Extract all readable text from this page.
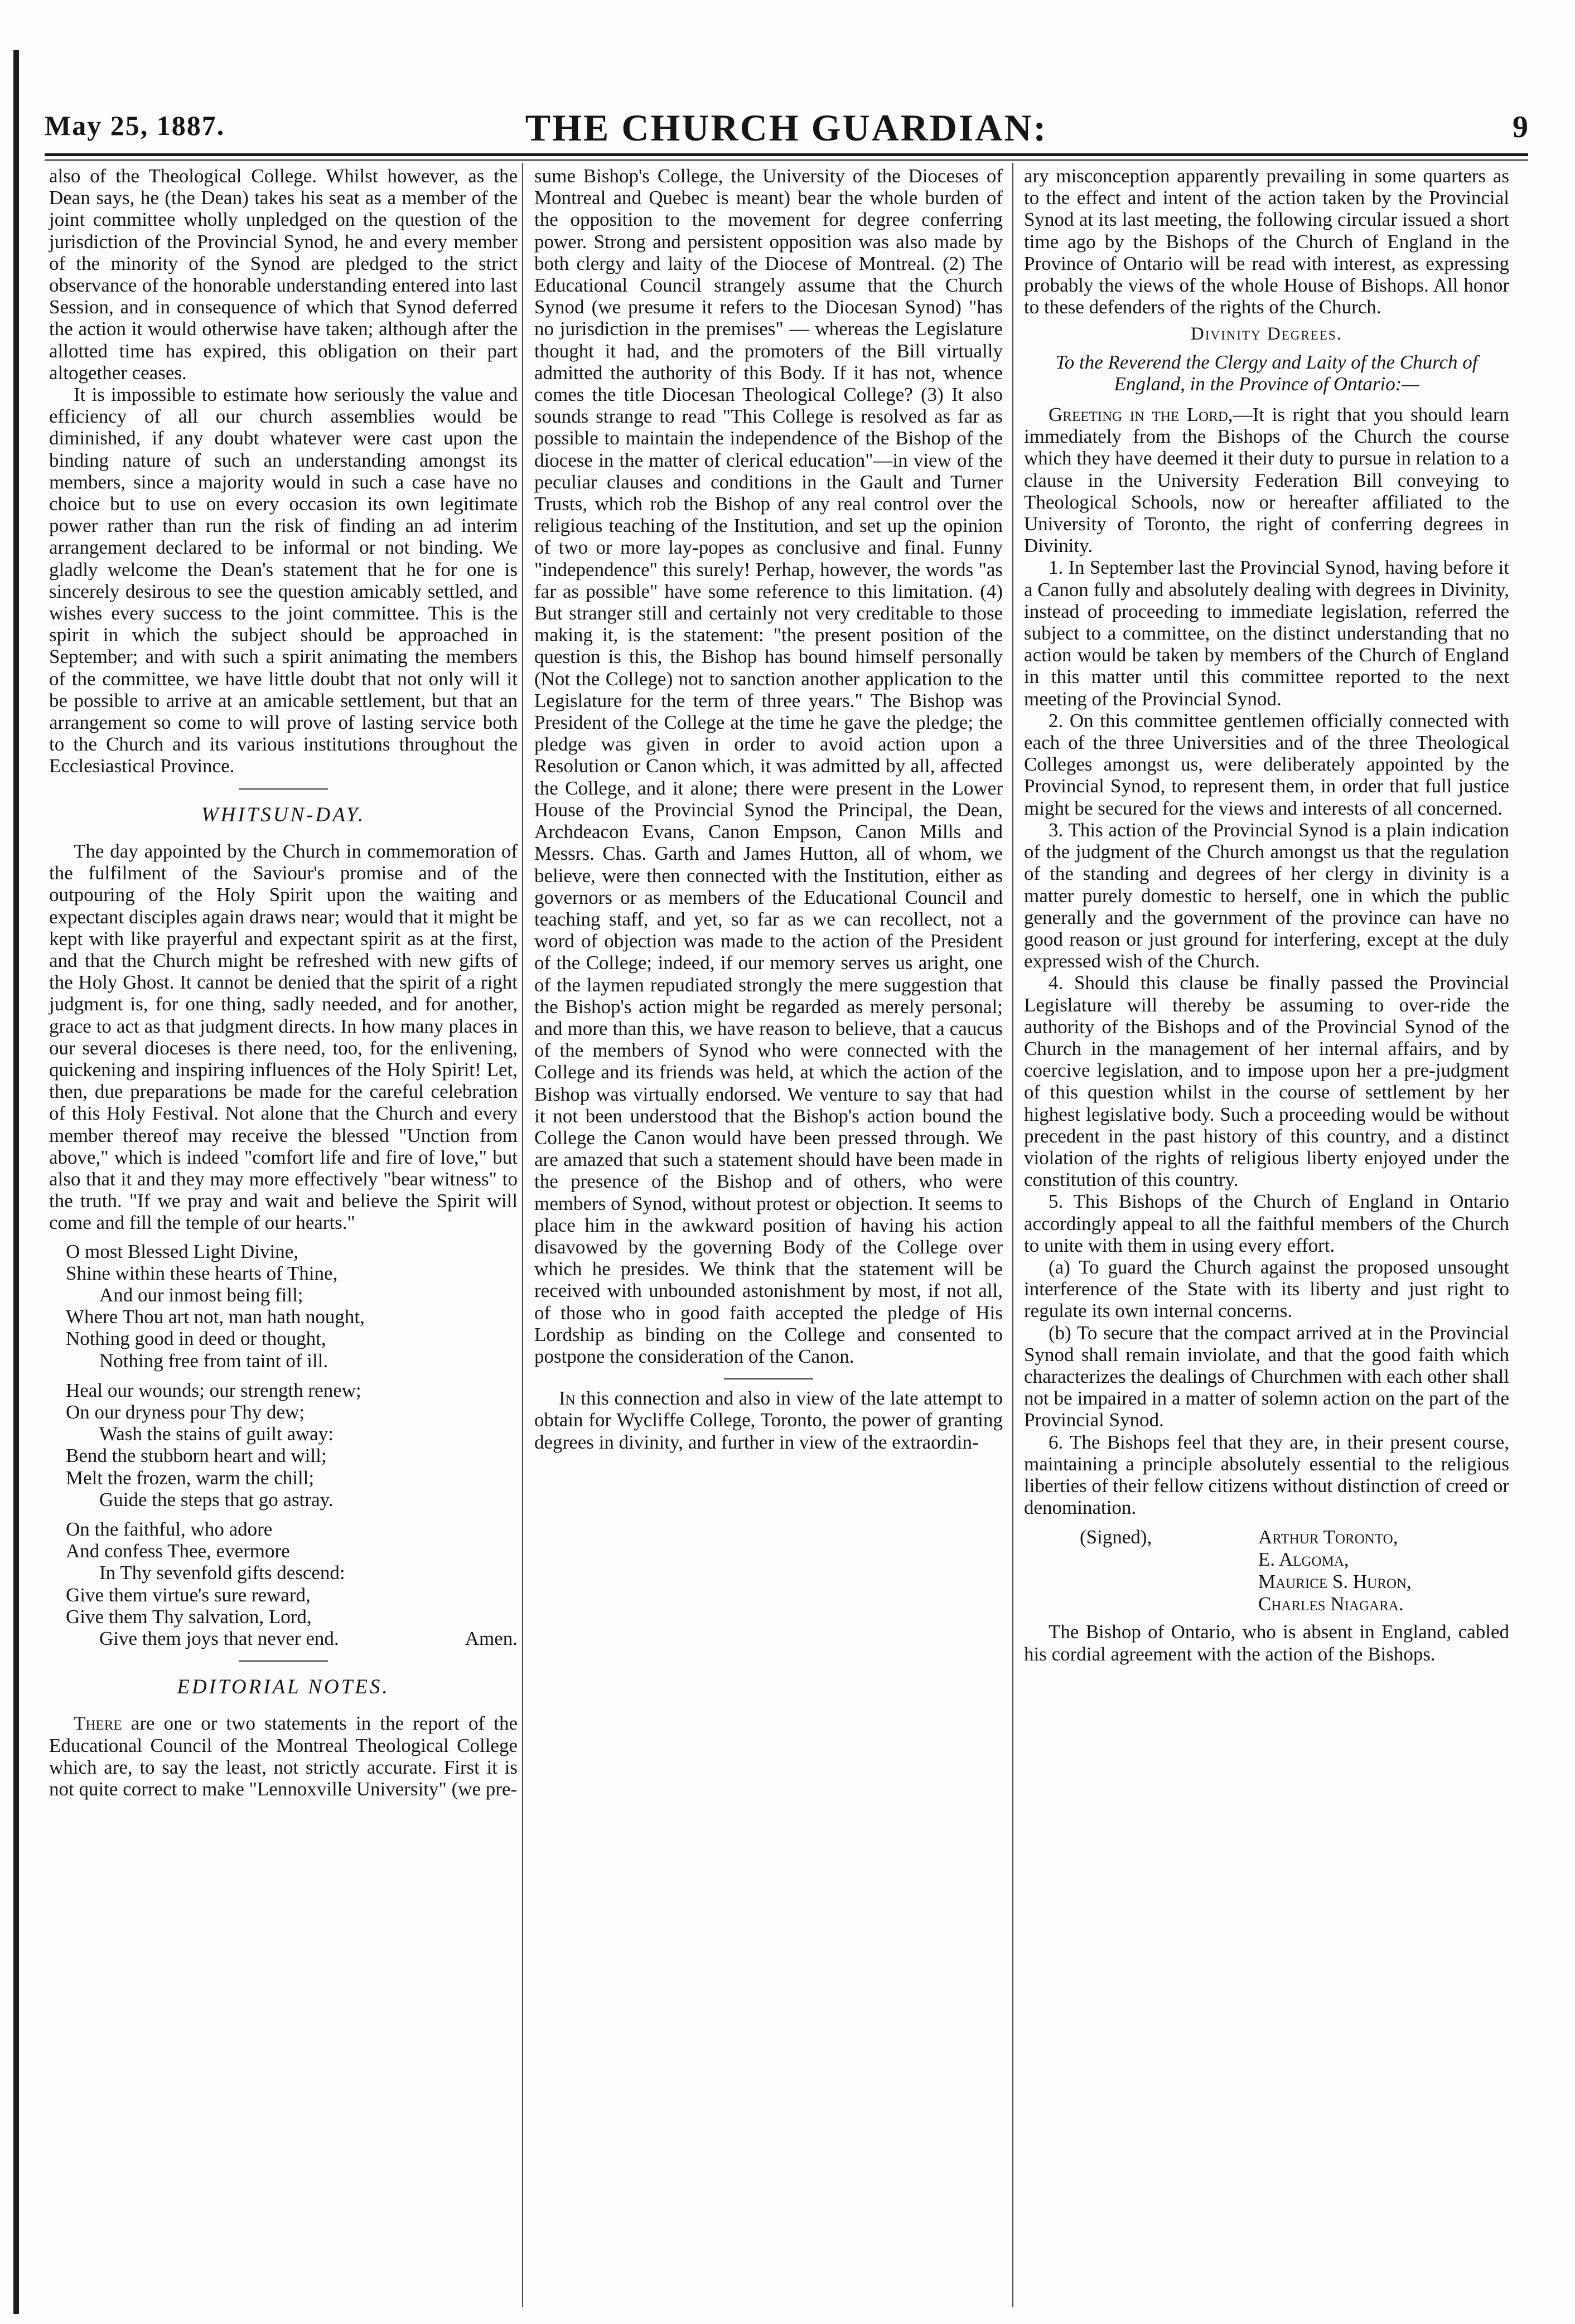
May 25, 1887.	THE CHURCH GUARDIAN:	9

also of the Theological College. Whilst however, as the Dean says, he (the Dean) takes his seat as a member of the joint committee wholly unpledged on the question of the jurisdiction of the Provincial Synod, he and every member of the minority of the Synod are pledged to the strict observance of the honorable understanding entered into last Session, and in consequence of which that Synod deferred the action it would otherwise have taken; although after the allotted time has expired, this obligation on their part altogether ceases.

It is impossible to estimate how seriously the value and efficiency of all our church assemblies would be diminished, if any doubt whatever were cast upon the binding nature of such an understanding amongst its members, since a majority would in such a case have no choice but to use on every occasion its own legitimate power rather than run the risk of finding an ad interim arrangement declared to be informal or not binding. We gladly welcome the Dean's statement that he for one is sincerely desirous to see the question amicably settled, and wishes every success to the joint committee. This is the spirit in which the subject should be approached in September; and with such a spirit animating the members of the committee, we have little doubt that not only will it be possible to arrive at an amicable settlement, but that an arrangement so come to will prove of lasting service both to the Church and its various institutions throughout the Ecclesiastical Province.

WHITSUN-DAY.

The day appointed by the Church in commemoration of the fulfilment of the Saviour's promise and of the outpouring of the Holy Spirit upon the waiting and expectant disciples again draws near; would that it might be kept with like prayerful and expectant spirit as at the first, and that the Church might be refreshed with new gifts of the Holy Ghost. It cannot be denied that the spirit of a right judgment is, for one thing, sadly needed, and for another, grace to act as that judgment directs. In how many places in our several dioceses is there need, too, for the enlivening, quickening and inspiring influences of the Holy Spirit! Let, then, due preparations be made for the careful celebration of this Holy Festival. Not alone that the Church and every member thereof may receive the blessed "Unction from above," which is indeed "comfort life and fire of love," but also that it and they may more effectively "bear witness" to the truth. "If we pray and wait and believe the Spirit will come and fill the temple of our hearts."

O most Blessed Light Divine,
Shine within these hearts of Thine,
And our inmost being fill;
Where Thou art not, man hath nought,
Nothing good in deed or thought,
Nothing free from taint of ill.

Heal our wounds; our strength renew;
On our dryness pour Thy dew;
Wash the stains of guilt away:
Bend the stubborn heart and will;
Melt the frozen, warm the chill;
Guide the steps that go astray.

On the faithful, who adore
And confess Thee, evermore
In Thy sevenfold gifts descend:
Give them virtue's sure reward,
Give them Thy salvation, Lord,
Give them joys that never end.	Amen.
EDITORIAL NOTES.

There are one or two statements in the report of the Educational Council of the Montreal Theological College which are, to say the least, not strictly accurate. First it is not quite correct to make "Lennoxville University" (we pre-

sume Bishop's College, the University of the Dioceses of Montreal and Quebec is meant) bear the whole burden of the opposition to the movement for degree conferring power. Strong and persistent opposition was also made by both clergy and laity of the Diocese of Montreal. (2) The Educational Council strangely assume that the Church Synod (we presume it refers to the Diocesan Synod) "has no jurisdiction in the premises" — whereas the Legislature thought it had, and the promoters of the Bill virtually admitted the authority of this Body. If it has not, whence comes the title Diocesan Theological College? (3) It also sounds strange to read "This College is resolved as far as possible to maintain the independence of the Bishop of the diocese in the matter of clerical education"—in view of the peculiar clauses and conditions in the Gault and Turner Trusts, which rob the Bishop of any real control over the religious teaching of the Institution, and set up the opinion of two or more lay-popes as conclusive and final. Funny "independence" this surely! Perhap, however, the words "as far as possible" have some reference to this limitation. (4) But stranger still and certainly not very creditable to those making it, is the statement: "the present position of the question is this, the Bishop has bound himself personally (Not the College) not to sanction another application to the Legislature for the term of three years." The Bishop was President of the College at the time he gave the pledge; the pledge was given in order to avoid action upon a Resolution or Canon which, it was admitted by all, affected the College, and it alone; there were present in the Lower House of the Provincial Synod the Principal, the Dean, Archdeacon Evans, Canon Empson, Canon Mills and Messrs. Chas. Garth and James Hutton, all of whom, we believe, were then connected with the Institution, either as governors or as members of the Educational Council and teaching staff, and yet, so far as we can recollect, not a word of objection was made to the action of the President of the College; indeed, if our memory serves us aright, one of the laymen repudiated strongly the mere suggestion that the Bishop's action might be regarded as merely personal; and more than this, we have reason to believe, that a caucus of the members of Synod who were connected with the College and its friends was held, at which the action of the Bishop was virtually endorsed. We venture to say that had it not been understood that the Bishop's action bound the College the Canon would have been pressed through. We are amazed that such a statement should have been made in the presence of the Bishop and of others, who were members of Synod, without protest or objection. It seems to place him in the awkward position of having his action disavowed by the governing Body of the College over which he presides. We think that the statement will be received with unbounded astonishment by most, if not all, of those who in good faith accepted the pledge of His Lordship as binding on the College and consented to postpone the consideration of the Canon.

In this connection and also in view of the late attempt to obtain for Wycliffe College, Toronto, the power of granting degrees in divinity, and further in view of the extraordin-

ary misconception apparently prevailing in some quarters as to the effect and intent of the action taken by the Provincial Synod at its last meeting, the following circular issued a short time ago by the Bishops of the Church of England in the Province of Ontario will be read with interest, as expressing probably the views of the whole House of Bishops. All honor to these defenders of the rights of the Church.

Divinity Degrees.

To the Reverend the Clergy and Laity of the Church of England, in the Province of Ontario:—

Greeting in the Lord,—It is right that you should learn immediately from the Bishops of the Church the course which they have deemed it their duty to pursue in relation to a clause in the University Federation Bill conveying to Theological Schools, now or hereafter affiliated to the University of Toronto, the right of conferring degrees in Divinity.

1. In September last the Provincial Synod, having before it a Canon fully and absolutely dealing with degrees in Divinity, instead of proceeding to immediate legislation, referred the subject to a committee, on the distinct understanding that no action would be taken by members of the Church of England in this matter until this committee reported to the next meeting of the Provincial Synod.

2. On this committee gentlemen officially connected with each of the three Universities and of the three Theological Colleges amongst us, were deliberately appointed by the Provincial Synod, to represent them, in order that full justice might be secured for the views and interests of all concerned.

3. This action of the Provincial Synod is a plain indication of the judgment of the Church amongst us that the regulation of the standing and degrees of her clergy in divinity is a matter purely domestic to herself, one in which the public generally and the government of the province can have no good reason or just ground for interfering, except at the duly expressed wish of the Church.

4. Should this clause be finally passed the Provincial Legislature will thereby be assuming to over-ride the authority of the Bishops and of the Provincial Synod of the Church in the management of her internal affairs, and by coercive legislation, and to impose upon her a pre-judgment of this question whilst in the course of settlement by her highest legislative body. Such a proceeding would be without precedent in the past history of this country, and a distinct violation of the rights of religious liberty enjoyed under the constitution of this country.

5. This Bishops of the Church of England in Ontario accordingly appeal to all the faithful members of the Church to unite with them in using every effort.

(a) To guard the Church against the proposed unsought interference of the State with its liberty and just right to regulate its own internal concerns.

(b) To secure that the compact arrived at in the Provincial Synod shall remain inviolate, and that the good faith which characterizes the dealings of Churchmen with each other shall not be impaired in a matter of solemn action on the part of the Provincial Synod.

6. The Bishops feel that they are, in their present course, maintaining a principle absolutely essential to the religious liberties of their fellow citizens without distinction of creed or denomination.

(Signed),	Arthur Toronto,
E. Algoma,
Maurice S. Huron,
Charles Niagara.

The Bishop of Ontario, who is absent in England, cabled his cordial agreement with the action of the Bishops.
